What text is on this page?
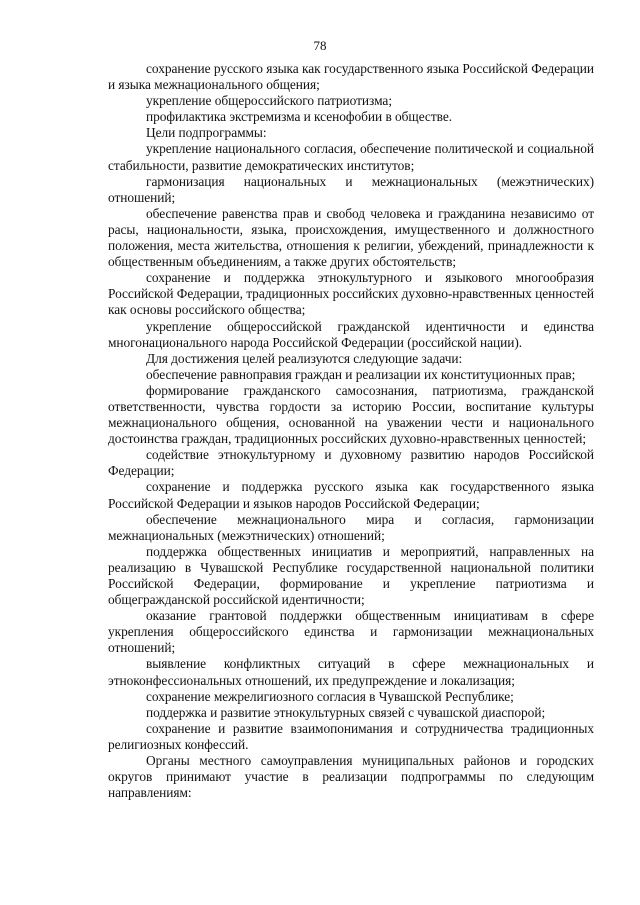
78

сохранение русского языка как государственного языка Российской Федерации и языка межнационального общения;

укрепление общероссийского патриотизма;

профилактика экстремизма и ксенофобии в обществе.

Цели подпрограммы:

укрепление национального согласия, обеспечение политической и социальной стабильности, развитие демократических институтов;

гармонизация национальных и межнациональных (межэтнических) отношений;

обеспечение равенства прав и свобод человека и гражданина независимо от расы, национальности, языка, происхождения, имущественного и должностного положения, места жительства, отношения к религии, убеждений, принадлежности к общественным объединениям, а также других обстоятельств;

сохранение и поддержка этнокультурного и языкового многообразия Российской Федерации, традиционных российских духовно-нравственных ценностей как основы российского общества;

укрепление общероссийской гражданской идентичности и единства многонационального народа Российской Федерации (российской нации).

Для достижения целей реализуются следующие задачи:

обеспечение равноправия граждан и реализации их конституционных прав;

формирование гражданского самосознания, патриотизма, гражданской ответственности, чувства гордости за историю России, воспитание культуры межнационального общения, основанной на уважении чести и национального достоинства граждан, традиционных российских духовно-нравственных ценностей;

содействие этнокультурному и духовному развитию народов Российской Федерации;

сохранение и поддержка русского языка как государственного языка Российской Федерации и языков народов Российской Федерации;

обеспечение межнационального мира и согласия, гармонизации межнациональных (межэтнических) отношений;

поддержка общественных инициатив и мероприятий, направленных на реализацию в Чувашской Республике государственной национальной политики Российской Федерации, формирование и укрепление патриотизма и общегражданской российской идентичности;

оказание грантовой поддержки общественным инициативам в сфере укрепления общероссийского единства и гармонизации межнациональных отношений;

выявление конфликтных ситуаций в сфере межнациональных и этноконфессиональных отношений, их предупреждение и локализация;

сохранение межрелигиозного согласия в Чувашской Республике;

поддержка и развитие этнокультурных связей с чувашской диаспорой;

сохранение и развитие взаимопонимания и сотрудничества традиционных религиозных конфессий.

Органы местного самоуправления муниципальных районов и городских округов принимают участие в реализации подпрограммы по следующим направлениям:
